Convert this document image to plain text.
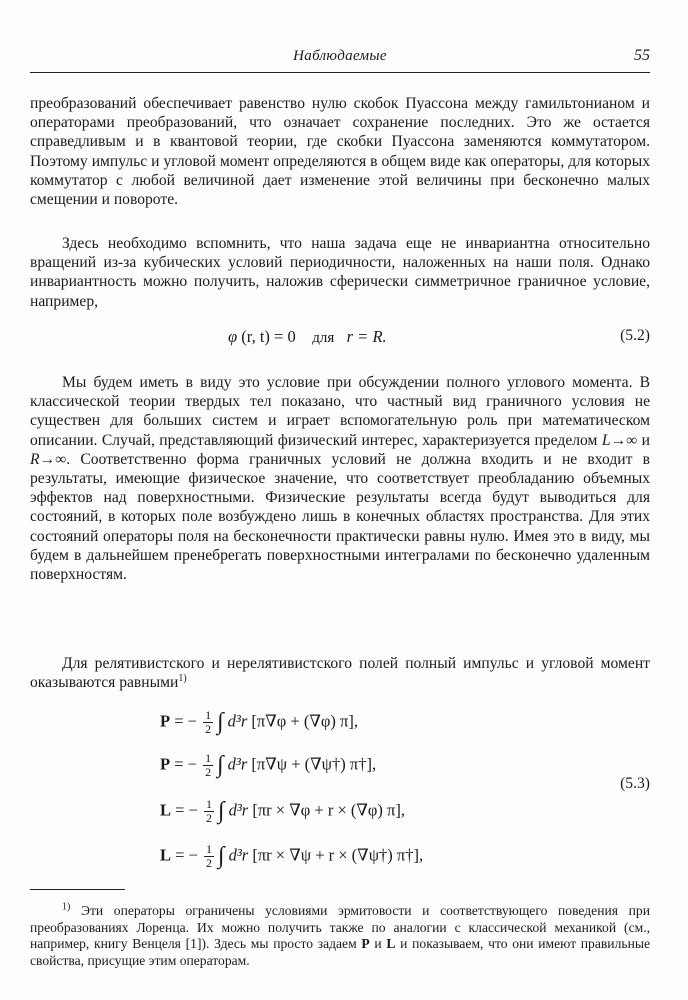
Наблюдаемые	55

преобразований обеспечивает равенство нулю скобок Пуассона между гамильтонианом и операторами преобразований, что означает сохранение последних. Это же остается справедливым и в квантовой теории, где скобки Пуассона заменяются коммутатором. Поэтому импульс и угловой момент определяются в общем виде как операторы, для которых коммутатор с любой величиной дает изменение этой величины при бесконечно малых смещении и повороте.

Здесь необходимо вспомнить, что наша задача еще не инвариантна относительно вращений из-за кубических условий периодичности, наложенных на наши поля. Однако инвариантность можно получить, наложив сферически симметричное граничное условие, например,

φ (r, t) = 0 для r = R.	(5.2)

Мы будем иметь в виду это условие при обсуждении полного углового момента. В классической теории твердых тел показано, что частный вид граничного условия не существен для больших систем и играет вспомогательную роль при математическом описании. Случай, представляющий физический интерес, характеризуется пределом L→∞ и R→∞. Соответственно форма граничных условий не должна входить и не входит в результаты, имеющие физическое значение, что соответствует преобладанию объемных эффектов над поверхностными. Физические результаты всегда будут выводиться для состояний, в которых поле возбуждено лишь в конечных областях пространства. Для этих состояний операторы поля на бесконечности практически равны нулю. Имея это в виду, мы будем в дальнейшем пренебрегать поверхностными интегралами по бесконечно удаленным поверхностям.

Для релятивистского и нерелятивистского полей полный импульс и угловой момент оказываются равными$^{1)}$

P = − $\frac{1}{2}$ ∫ d³r [π∇φ + (∇φ) π],
P = − $\frac{1}{2}$ ∫ d³r [π∇ψ + (∇ψ†) π†],
L = − $\frac{1}{2}$ ∫ d³r [πr × ∇φ + r × (∇φ) π],
L = − $\frac{1}{2}$ ∫ d³r [πr × ∇ψ + r × (∇ψ†) π†],
(5.3)

$^{1)}$ Эти операторы ограничены условиями эрмитовости и соответствующего поведения при преобразованиях Лоренца. Их можно получить также по аналогии с классической механикой (см., например, книгу Венцеля [1]). Здесь мы просто задаем P и L и показываем, что они имеют правильные свойства, присущие этим операторам.
